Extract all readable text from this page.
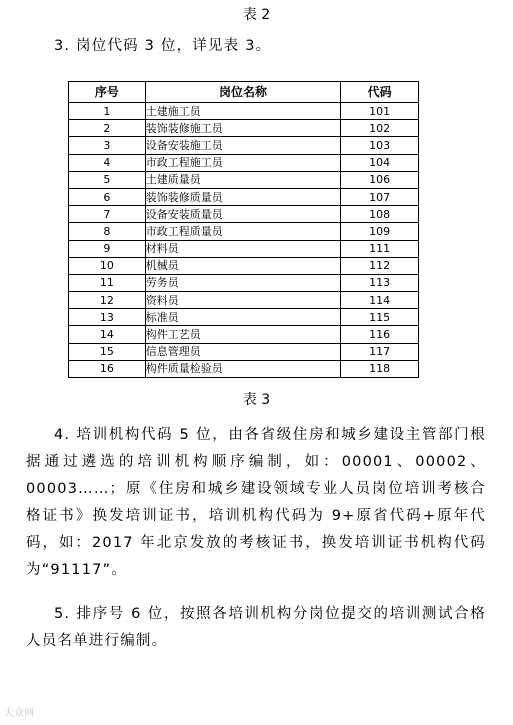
表 2
3. 岗位代码 3 位，详见表 3。
序号	岗位名称	代码
1	土建施工员	101
2	装饰装修施工员	102
3	设备安装施工员	103
4	市政工程施工员	104
5	土建质量员	106
6	装饰装修质量员	107
7	设备安装质量员	108
8	市政工程质量员	109
9	材料员	111
10	机械员	112
11	劳务员	113
12	资料员	114
13	标准员	115
14	构件工艺员	116
15	信息管理员	117
16	构件质量检验员	118
表 3
4. 培训机构代码 5 位，由各省级住房和城乡建设主管部门根据通过遴选的培训机构顺序编制，如：00001、00002、00003……；原《住房和城乡建设领域专业人员岗位培训考核合格证书》换发培训证书，培训机构代码为 9+原省代码+原年代码，如：2017 年北京发放的考核证书，换发培训证书机构代码为“91117”。
5. 排序号 6 位，按照各培训机构分岗位提交的培训测试合格人员名单进行编制。
大众网
